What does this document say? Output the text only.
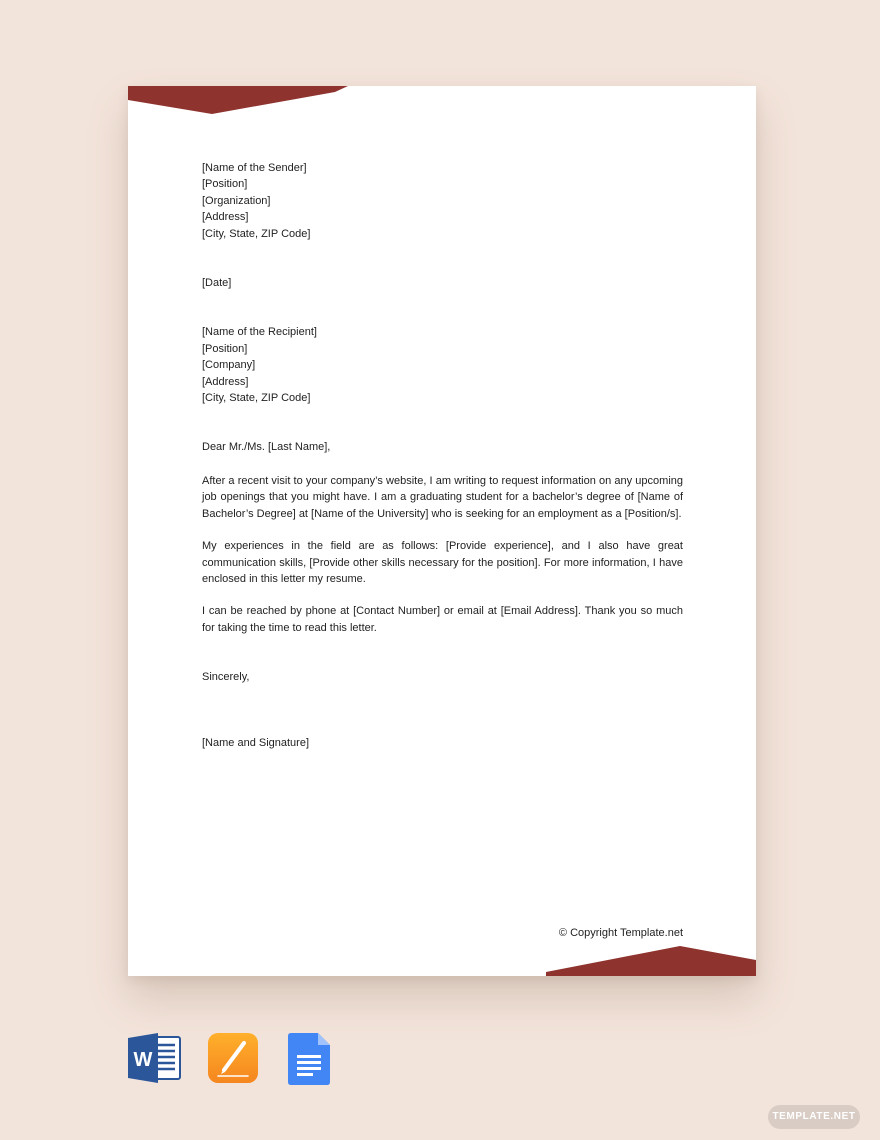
[Name of the Sender]
[Position]
[Organization]
[Address]
[City, State, ZIP Code]
[Date]
[Name of the Recipient]
[Position]
[Company]
[Address]
[City, State, ZIP Code]
Dear Mr./Ms. [Last Name],

After a recent visit to your company’s website, I am writing to request information on any upcoming job openings that you might have. I am a graduating student for a bachelor’s degree of [Name of Bachelor’s Degree] at [Name of the University] who is seeking for an employment as a [Position/s].

My experiences in the field are as follows: [Provide experience], and I also have great communication skills, [Provide other skills necessary for the position]. For more information, I have enclosed in this letter my resume.

I can be reached by phone at [Contact Number] or email at [Email Address]. Thank you so much for taking the time to read this letter.

Sincerely,
[Name and Signature]
© Copyright Template.net
W
TEMPLATE.NET
